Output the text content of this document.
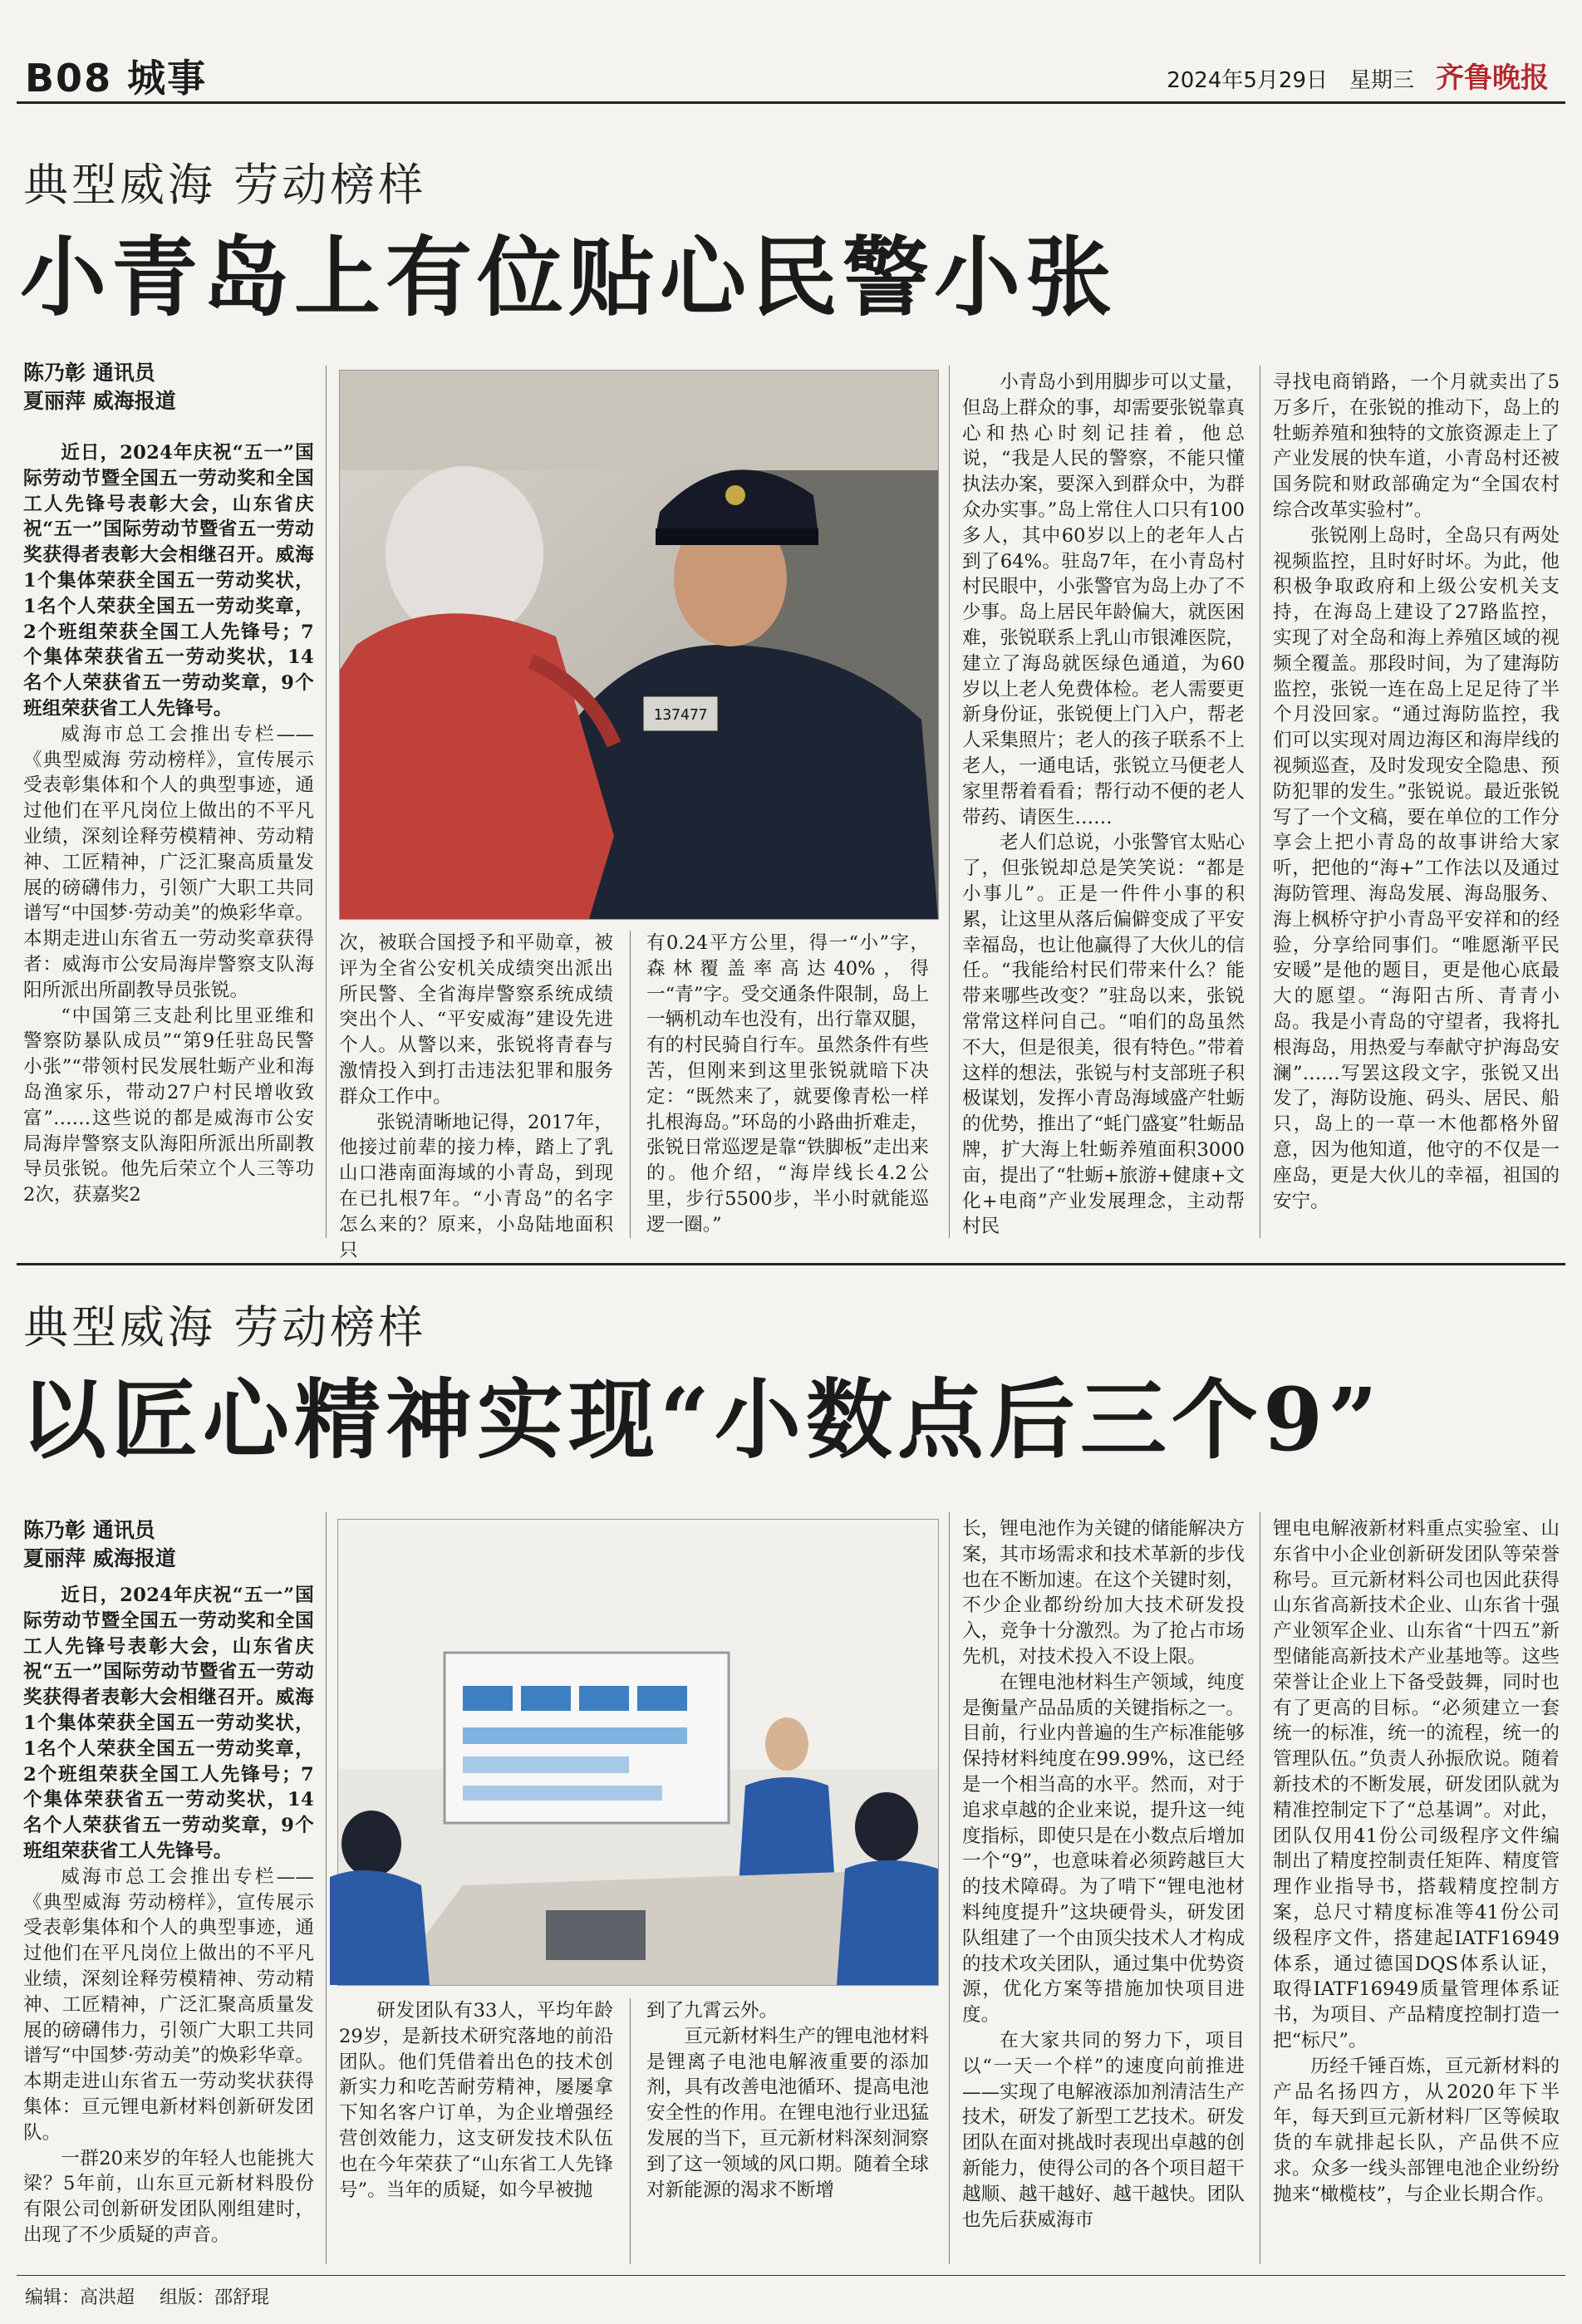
B08 城事	2024年5月29日 星期三 齐鲁晚报
典型威海 劳动榜样
小青岛上有位贴心民警小张
陈乃彰 通讯员
夏丽萍 威海报道

近日，2024年庆祝“五一”国际劳动节暨全国五一劳动奖和全国工人先锋号表彰大会，山东省庆祝“五一”国际劳动节暨省五一劳动奖获得者表彰大会相继召开。威海1个集体荣获全国五一劳动奖状，1名个人荣获全国五一劳动奖章，2个班组荣获全国工人先锋号；7个集体荣获省五一劳动奖状，14名个人荣获省五一劳动奖章，9个班组荣获省工人先锋号。

威海市总工会推出专栏——《典型威海 劳动榜样》，宣传展示受表彰集体和个人的典型事迹，通过他们在平凡岗位上做出的不平凡业绩，深刻诠释劳模精神、劳动精神、工匠精神，广泛汇聚高质量发展的磅礴伟力，引领广大职工共同谱写“中国梦·劳动美”的焕彩华章。本期走进山东省五一劳动奖章获得者：威海市公安局海岸警察支队海阳所派出所副教导员张锐。

“中国第三支赴利比里亚维和警察防暴队成员”“第9任驻岛民警小张”“带领村民发展牡蛎产业和海岛渔家乐，带动27户村民增收致富”……这些说的都是威海市公安局海岸警察支队海阳所派出所副教导员张锐。他先后荣立个人三等功2次，获嘉奖2

137477

次，被联合国授予和平勋章，被评为全省公安机关成绩突出派出所民警、全省海岸警察系统成绩突出个人、“平安威海”建设先进个人。从警以来，张锐将青春与激情投入到打击违法犯罪和服务群众工作中。

张锐清晰地记得，2017年，他接过前辈的接力棒，踏上了乳山口港南面海域的小青岛，到现在已扎根7年。“小青岛”的名字怎么来的？原来，小岛陆地面积只

有0.24平方公里，得一“小”字，森林覆盖率高达40%，得一“青”字。受交通条件限制，岛上一辆机动车也没有，出行靠双腿，有的村民骑自行车。虽然条件有些苦，但刚来到这里张锐就暗下决定：“既然来了，就要像青松一样扎根海岛。”环岛的小路曲折难走，张锐日常巡逻是靠“铁脚板”走出来的。他介绍，“海岸线长4.2公里，步行5500步，半小时就能巡逻一圈。”

小青岛小到用脚步可以丈量，但岛上群众的事，却需要张锐靠真心和热心时刻记挂着，他总说，“我是人民的警察，不能只懂执法办案，要深入到群众中，为群众办实事。”岛上常住人口只有100多人，其中60岁以上的老年人占到了64%。驻岛7年，在小青岛村村民眼中，小张警官为岛上办了不少事。岛上居民年龄偏大，就医困难，张锐联系上乳山市银滩医院，建立了海岛就医绿色通道，为60岁以上老人免费体检。老人需要更新身份证，张锐便上门入户，帮老人采集照片；老人的孩子联系不上老人，一通电话，张锐立马便老人家里帮着看看；帮行动不便的老人带药、请医生……

老人们总说，小张警官太贴心了，但张锐却总是笑笑说：“都是小事儿”。正是一件件小事的积累，让这里从落后偏僻变成了平安幸福岛，也让他赢得了大伙儿的信任。“我能给村民们带来什么？能带来哪些改变？”驻岛以来，张锐常常这样问自己。“咱们的岛虽然不大，但是很美，很有特色。”带着这样的想法，张锐与村支部班子积极谋划，发挥小青岛海域盛产牡蛎的优势，推出了“蚝门盛宴”牡蛎品牌，扩大海上牡蛎养殖面积3000亩，提出了“牡蛎+旅游+健康+文化+电商”产业发展理念，主动帮村民

寻找电商销路，一个月就卖出了5万多斤，在张锐的推动下，岛上的牡蛎养殖和独特的文旅资源走上了产业发展的快车道，小青岛村还被国务院和财政部确定为“全国农村综合改革实验村”。

张锐刚上岛时，全岛只有两处视频监控，且时好时坏。为此，他积极争取政府和上级公安机关支持，在海岛上建设了27路监控，实现了对全岛和海上养殖区域的视频全覆盖。那段时间，为了建海防监控，张锐一连在岛上足足待了半个月没回家。“通过海防监控，我们可以实现对周边海区和海岸线的视频巡查，及时发现安全隐患、预防犯罪的发生。”张锐说。最近张锐写了一个文稿，要在单位的工作分享会上把小青岛的故事讲给大家听，把他的“海+”工作法以及通过海防管理、海岛发展、海岛服务、海上枫桥守护小青岛平安祥和的经验，分享给同事们。“唯愿渐平民安暖”是他的题目，更是他心底最大的愿望。“海阳古所、青青小岛。我是小青岛的守望者，我将扎根海岛，用热爱与奉献守护海岛安澜”……写罢这段文字，张锐又出发了，海防设施、码头、居民、船只，岛上的一草一木他都格外留意，因为他知道，他守的不仅是一座岛，更是大伙儿的幸福，祖国的安宁。

典型威海 劳动榜样
以匠心精神实现“小数点后三个9”
陈乃彰 通讯员
夏丽萍 威海报道

近日，2024年庆祝“五一”国际劳动节暨全国五一劳动奖和全国工人先锋号表彰大会，山东省庆祝“五一”国际劳动节暨省五一劳动奖获得者表彰大会相继召开。威海1个集体荣获全国五一劳动奖状，1名个人荣获全国五一劳动奖章，2个班组荣获全国工人先锋号；7个集体荣获省五一劳动奖状，14名个人荣获省五一劳动奖章，9个班组荣获省工人先锋号。

威海市总工会推出专栏——《典型威海 劳动榜样》，宣传展示受表彰集体和个人的典型事迹，通过他们在平凡岗位上做出的不平凡业绩，深刻诠释劳模精神、劳动精神、工匠精神，广泛汇聚高质量发展的磅礴伟力，引领广大职工共同谱写“中国梦·劳动美”的焕彩华章。本期走进山东省五一劳动奖状获得集体：亘元锂电新材料创新研发团队。

一群20来岁的年轻人也能挑大梁？5年前，山东亘元新材料股份有限公司创新研发团队刚组建时，出现了不少质疑的声音。

研发团队有33人，平均年龄29岁，是新技术研究落地的前沿团队。他们凭借着出色的技术创新实力和吃苦耐劳精神，屡屡拿下知名客户订单，为企业增强经营创效能力，这支研发技术队伍也在今年荣获了“山东省工人先锋号”。当年的质疑，如今早被抛

到了九霄云外。

亘元新材料生产的锂电池材料是锂离子电池电解液重要的添加剂，具有改善电池循环、提高电池安全性的作用。在锂电池行业迅猛发展的当下，亘元新材料深刻洞察到了这一领域的风口期。随着全球对新能源的渴求不断增

长，锂电池作为关键的储能解决方案，其市场需求和技术革新的步伐也在不断加速。在这个关键时刻，不少企业都纷纷加大技术研发投入，竞争十分激烈。为了抢占市场先机，对技术投入不设上限。

在锂电池材料生产领域，纯度是衡量产品品质的关键指标之一。目前，行业内普遍的生产标准能够保持材料纯度在99.99%，这已经是一个相当高的水平。然而，对于追求卓越的企业来说，提升这一纯度指标，即使只是在小数点后增加一个“9”，也意味着必须跨越巨大的技术障碍。为了啃下“锂电池材料纯度提升”这块硬骨头，研发团队组建了一个由顶尖技术人才构成的技术攻关团队，通过集中优势资源，优化方案等措施加快项目进度。

在大家共同的努力下，项目以“一天一个样”的速度向前推进——实现了电解液添加剂清洁生产技术，研发了新型工艺技术。研发团队在面对挑战时表现出卓越的创新能力，使得公司的各个项目超干越顺、越干越好、越干越快。团队也先后获威海市

锂电电解液新材料重点实验室、山东省中小企业创新研发团队等荣誉称号。亘元新材料公司也因此获得山东省高新技术企业、山东省十强产业领军企业、山东省“十四五”新型储能高新技术产业基地等。这些荣誉让企业上下备受鼓舞，同时也有了更高的目标。“必须建立一套统一的标准，统一的流程，统一的管理队伍。”负责人孙振欣说。随着新技术的不断发展，研发团队就为精准控制定下了“总基调”。对此，团队仅用41份公司级程序文件编制出了精度控制责任矩阵、精度管理作业指导书，搭载精度控制方案，总尺寸精度标准等41份公司级程序文件，搭建起IATF16949体系，通过德国DQS体系认证，取得IATF16949质量管理体系证书，为项目、产品精度控制打造一把“标尺”。

历经千锤百炼，亘元新材料的产品名扬四方，从2020年下半年，每天到亘元新材料厂区等候取货的车就排起长队，产品供不应求。众多一线头部锂电池企业纷纷抛来“橄榄枝”，与企业长期合作。

编辑：高洪超 组版：邵舒琨
